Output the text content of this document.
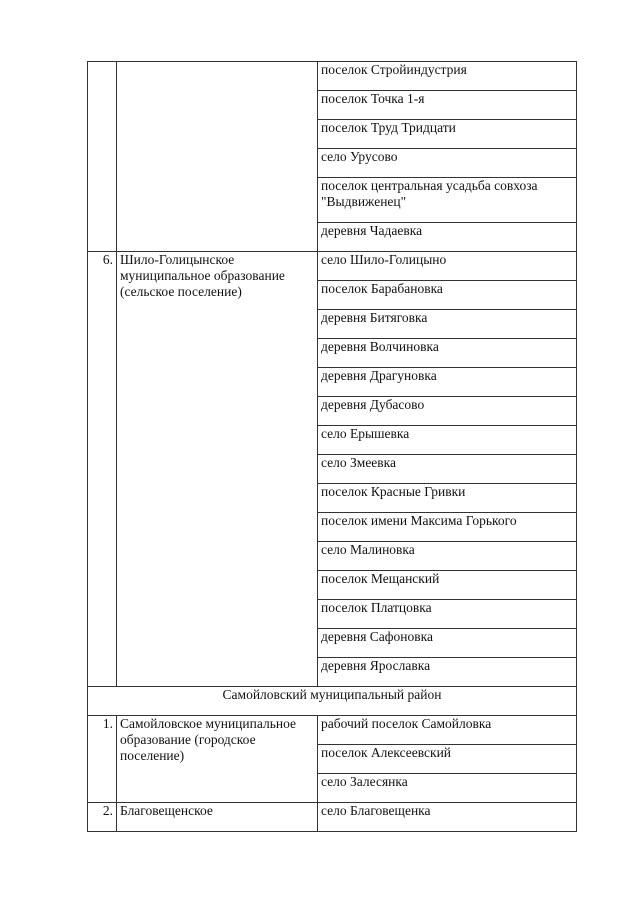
		поселок Стройиндустрия
		поселок Точка 1-я
		поселок Труд Тридцати
		село Урусово
		поселок центральная усадьба совхоза "Выдвиженец"
		деревня Чадаевка
6.	Шило-Голицынское муниципальное образование (сельское поселение)	село Шило-Голицыно
		поселок Барабановка
		деревня Битяговка
		деревня Волчиновка
		деревня Драгуновка
		деревня Дубасово
		село Ерышевка
		село Змеевка
		поселок Красные Гривки
		поселок имени Максима Горького
		село Малиновка
		поселок Мещанский
		поселок Платцовка
		деревня Сафоновка
		деревня Ярославка
Самойловский муниципальный район		
1.	Самойловское муниципальное образование (городское поселение)	рабочий поселок Самойловка
		поселок Алексеевский
		село Залесянка
2.	Благовещенское	село Благовещенка
